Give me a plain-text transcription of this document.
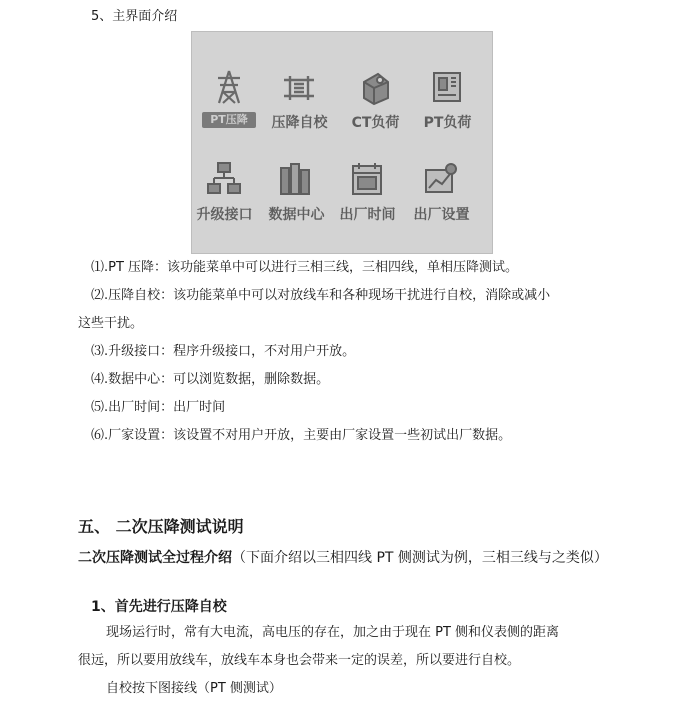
5、主界面介绍
PT压降	压降自校	CT负荷	PT负荷
升级接口	数据中心	出厂时间	出厂设置
⑴.PT 压降：该功能菜单中可以进行三相三线，三相四线，单相压降测试。
⑵.压降自校：该功能菜单中可以对放线车和各种现场干扰进行自校，消除或减小
这些干扰。
⑶.升级接口：程序升级接口，不对用户开放。
⑷.数据中心：可以浏览数据，删除数据。
⑸.出厂时间：出厂时间
⑹.厂家设置：该设置不对用户开放，主要由厂家设置一些初试出厂数据。
五、 二次压降测试说明
二次压降测试全过程介绍（下面介绍以三相四线 PT 侧测试为例，三相三线与之类似）
1、首先进行压降自校
现场运行时，常有大电流，高电压的存在，加之由于现在 PT 侧和仪表侧的距离
很远，所以要用放线车，放线车本身也会带来一定的误差，所以要进行自校。
自校按下图接线（PT 侧测试）
